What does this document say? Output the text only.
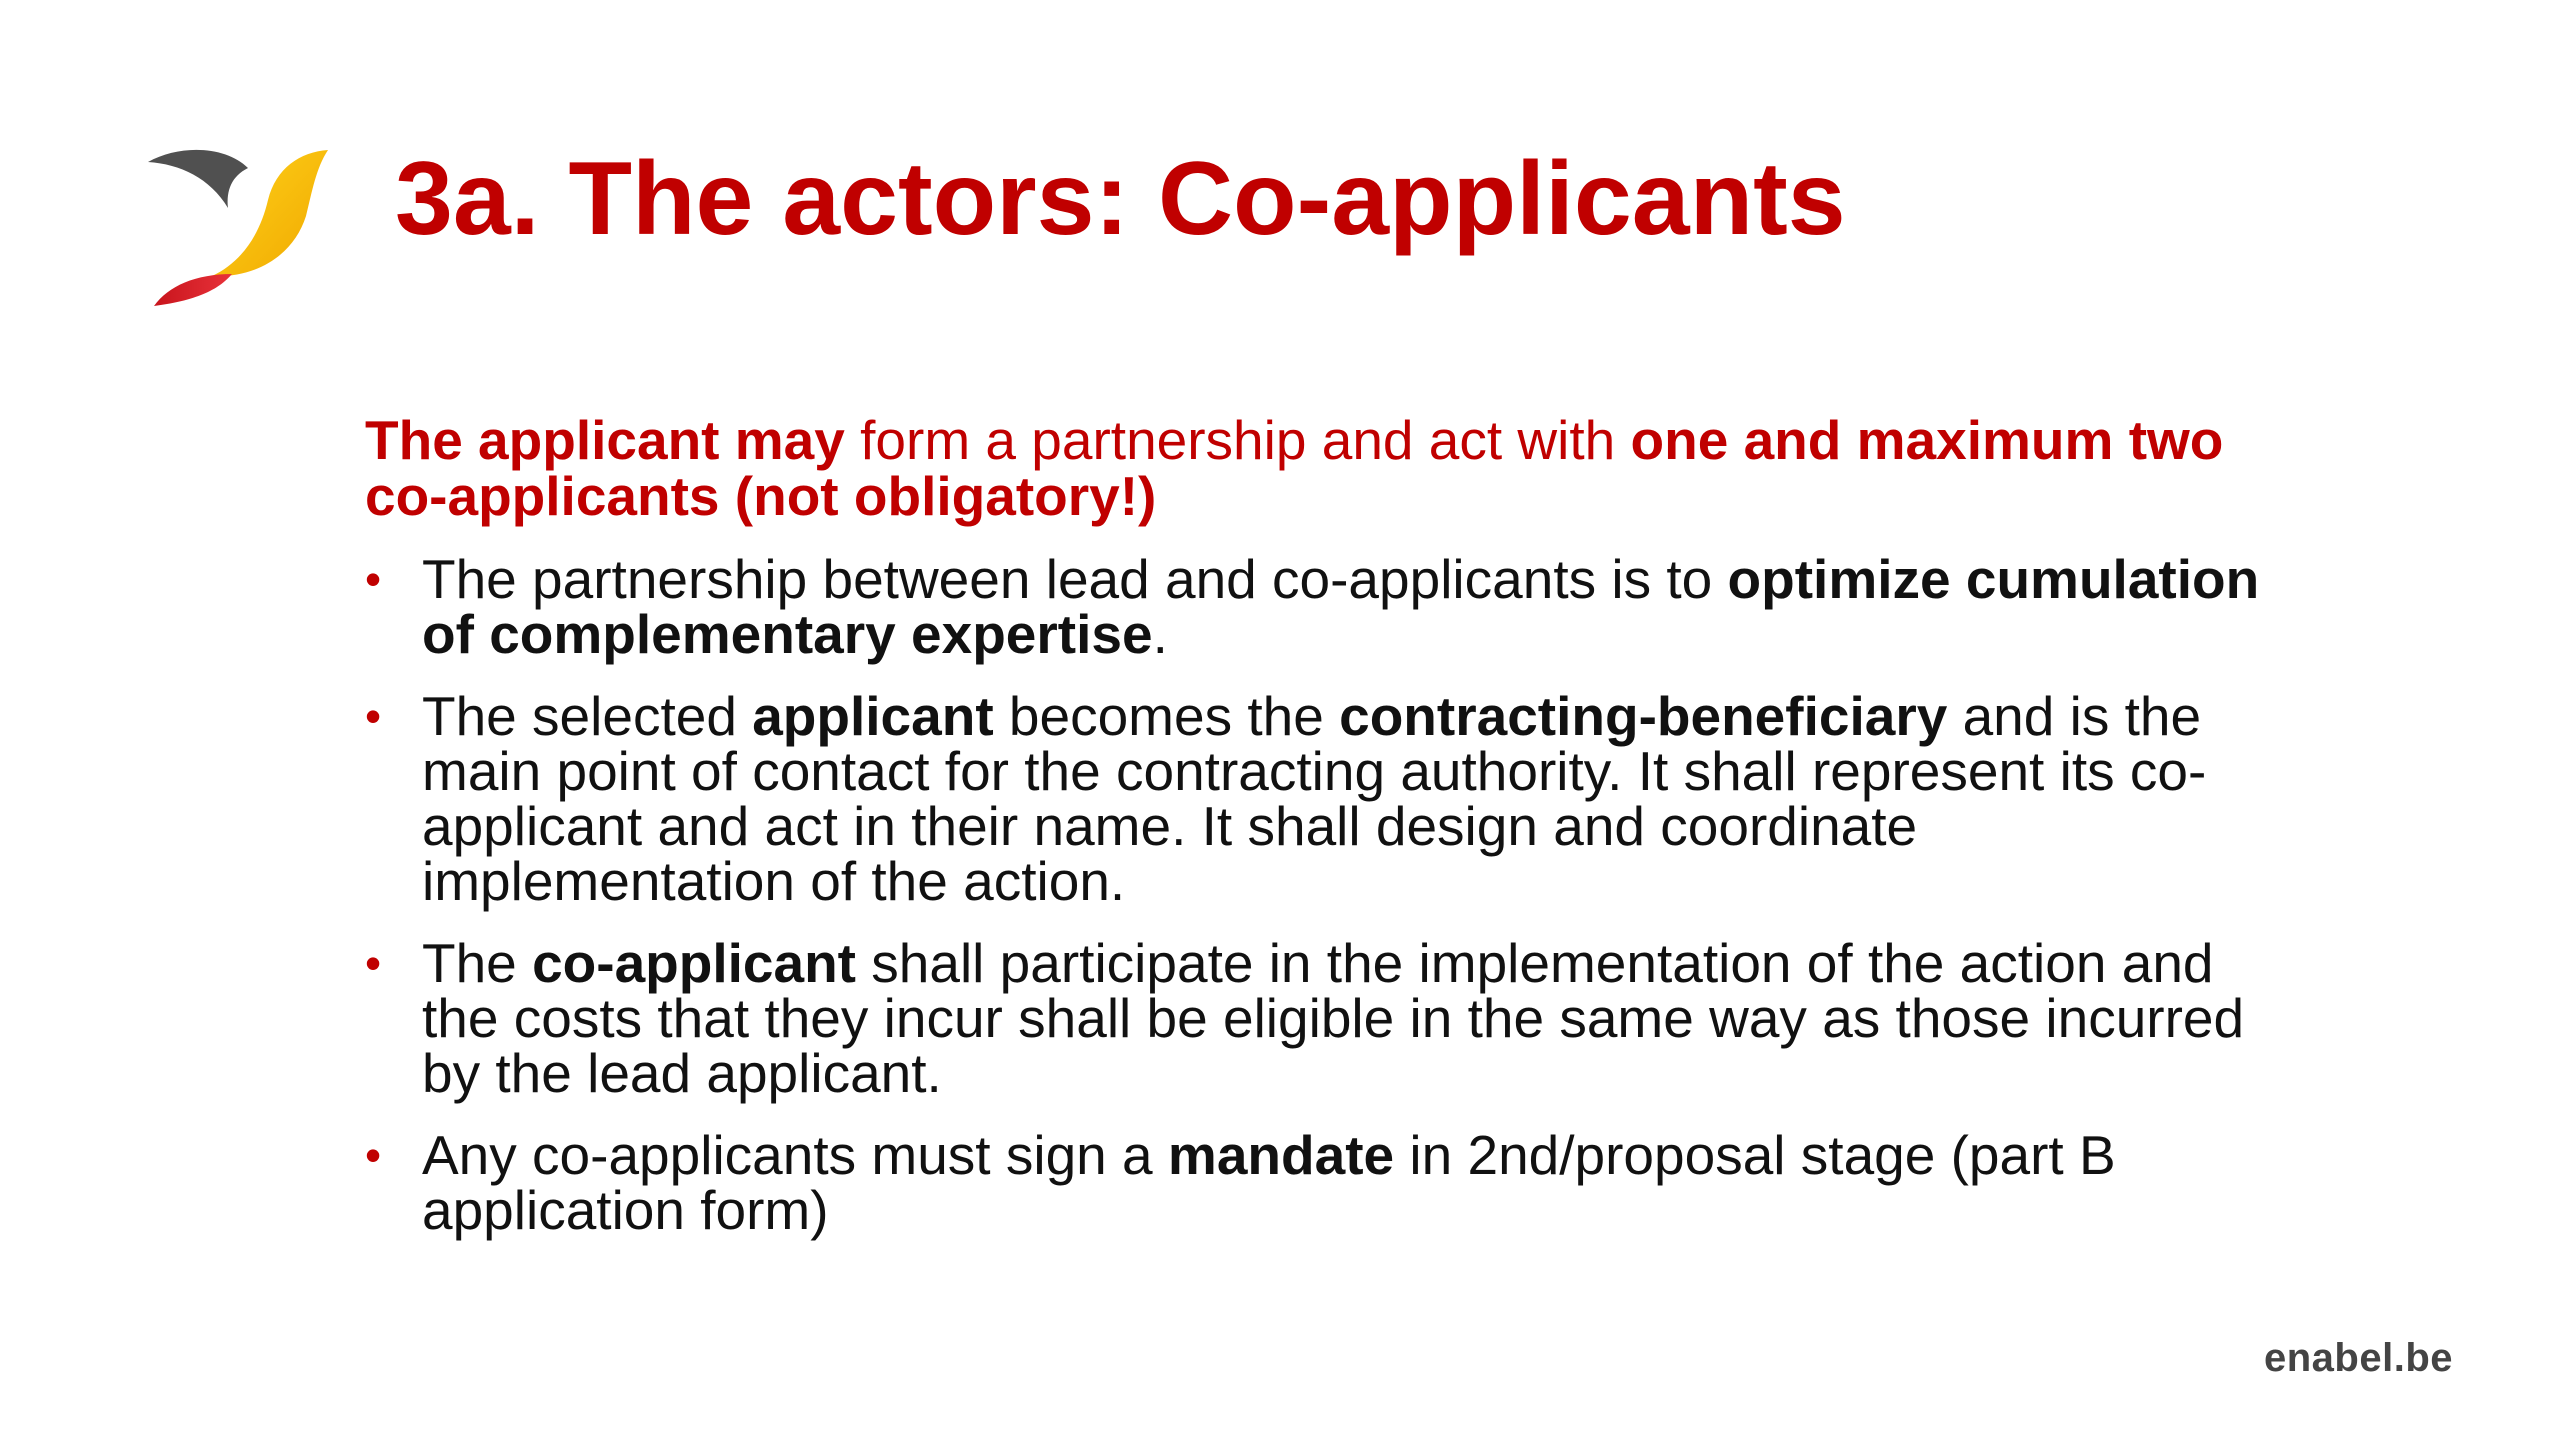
3a. The actors: Co-applicants

The applicant may form a partnership and act with one and maximum two co-applicants (not obligatory!)

• The partnership between lead and co-applicants is to optimize cumulation of complementary expertise.
• The selected applicant becomes the contracting-beneficiary and is the main point of contact for the contracting authority. It shall represent its co-applicant and act in their name. It shall design and coordinate implementation of the action.
• The co-applicant shall participate in the implementation of the action and the costs that they incur shall be eligible in the same way as those incurred by the lead applicant.
• Any co-applicants must sign a mandate in 2nd/proposal stage (part B application form)
enabel.be
